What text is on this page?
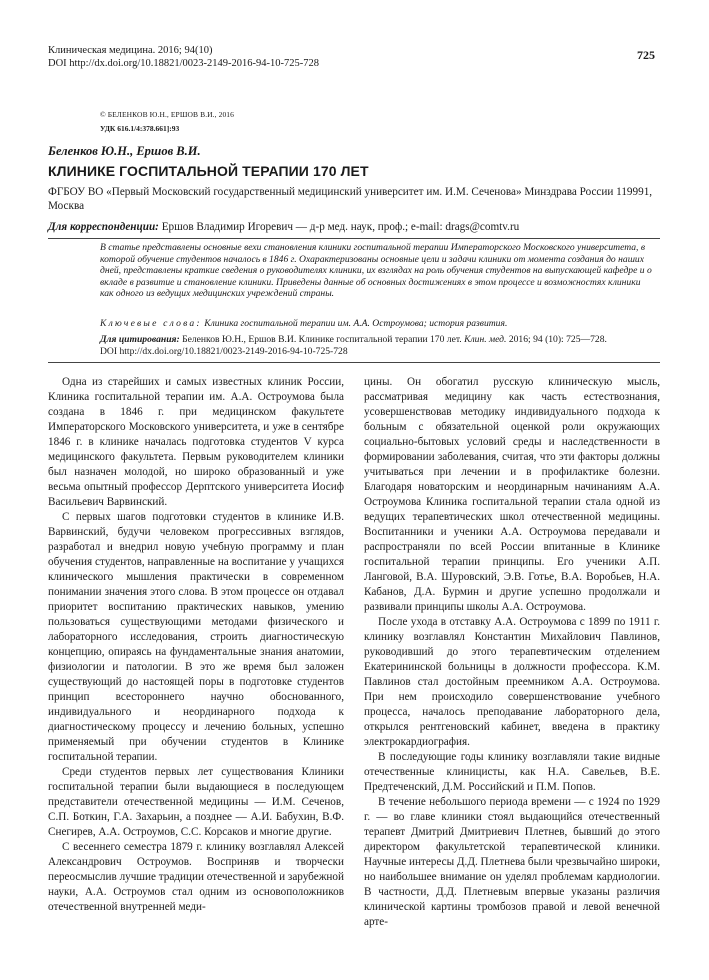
Клиническая медицина. 2016; 94(10)
DOI http://dx.doi.org/10.18821/0023-2149-2016-94-10-725-728
725
© БЕЛЕНКОВ Ю.Н., ЕРШОВ В.И., 2016
УДК 616.1/4:378.661]:93
Беленков Ю.Н., Ершов В.И.
КЛИНИКЕ ГОСПИТАЛЬНОЙ ТЕРАПИИ 170 ЛЕТ
ФГБОУ ВО «Первый Московский государственный медицинский университет им. И.М. Сеченова» Минздрава России 119991, Москва
Для корреспонденции: Ершов Владимир Игоревич — д-р мед. наук, проф.; e-mail: drags@comtv.ru

В статье представлены основные вехи становления клиники госпитальной терапии Императорского Московского университета, в которой обучение студентов началось в 1846 г. Охарактеризованы основные цели и задачи клиники от момента создания до наших дней, представлены краткие сведения о руководителях клиники, их взглядах на роль обучения студентов на выпускающей кафедре и о вкладе в развитие и становление клиники. Приведены данные об основных достижениях в этом процессе и возможностях клиники как одного из ведущих медицинских учреждений страны.

Ключевые слова: Клиника госпитальной терапии им. А.А. Остроумова; история развития.
Для цитирования: Беленков Ю.Н., Ершов В.И. Клинике госпитальной терапии 170 лет. Клин. мед. 2016; 94 (10): 725—728.
DOI http://dx.doi.org/10.18821/0023-2149-2016-94-10-725-728

Одна из старейших и самых известных клиник России, Клиника госпитальной терапии им. А.А. Остроумова была создана в 1846 г. при медицинском факультете Императорского Московского университета, и уже в сентябре 1846 г. в клинике началась подготовка студентов V курса медицинского факультета. Первым руководителем клиники был назначен молодой, но широко образованный и уже весьма опытный профессор Дерптского университета Иосиф Васильевич Варвинский.

С первых шагов подготовки студентов в клинике И.В. Варвинский, будучи человеком прогрессивных взглядов, разработал и внедрил новую учебную программу и план обучения студентов, направленные на воспитание у учащихся клинического мышления практически в современном понимании значения этого слова. В этом процессе он отдавал приоритет воспитанию практических навыков, умению пользоваться существующими методами физического и лабораторного исследования, строить диагностическую концепцию, опираясь на фундаментальные знания анатомии, физиологии и патологии. В это же время был заложен существующий до настоящей поры в подготовке студентов принцип всестороннего научно обоснованного, индивидуального и неординарного подхода к диагностическому процессу и лечению больных, успешно применяемый при обучении студентов в Клинике госпитальной терапии.

Среди студентов первых лет существования Клиники госпитальной терапии были выдающиеся в последующем представители отечественной медицины — И.М. Сеченов, С.П. Боткин, Г.А. Захарьин, а позднее — А.И. Бабухин, В.Ф. Снегирев, А.А. Остроумов, С.С. Корсаков и многие другие.

С весеннего семестра 1879 г. клинику возглавлял Алексей Александрович Остроумов. Восприняв и творчески переосмыслив лучшие традиции отечественной и зарубежной науки, А.А. Остроумов стал одним из основоположников отечественной внутренней меди-

цины. Он обогатил русскую клиническую мысль, рассматривая медицину как часть естествознания, усовершенствовав методику индивидуального подхода к больным с обязательной оценкой роли окружающих социально-бытовых условий среды и наследственности в формировании заболевания, считая, что эти факторы должны учитываться при лечении и в профилактике болезни. Благодаря новаторским и неординарным начинаниям А.А. Остроумова Клиника госпитальной терапии стала одной из ведущих терапевтических школ отечественной медицины. Воспитанники и ученики А.А. Остроумова передавали и распространяли по всей России впитанные в Клинике госпитальной терапии принципы. Его ученики А.П. Ланговой, В.А. Шуровский, Э.В. Готье, В.А. Воробьев, Н.А. Кабанов, Д.А. Бурмин и другие успешно продолжали и развивали принципы школы А.А. Остроумова.

После ухода в отставку А.А. Остроумова с 1899 по 1911 г. клинику возглавлял Константин Михайлович Павлинов, руководивший до этого терапевтическим отделением Екатерининской больницы в должности профессора. К.М. Павлинов стал достойным преемником А.А. Остроумова. При нем происходило совершенствование учебного процесса, началось преподавание лабораторного дела, открылся рентгеновский кабинет, введена в практику электрокардиография.

В последующие годы клинику возглавляли такие видные отечественные клиницисты, как Н.А. Савельев, В.Е. Предтеченский, Д.М. Российский и П.М. Попов.

В течение небольшого периода времени — с 1924 по 1929 г. — во главе клиники стоял выдающийся отечественный терапевт Дмитрий Дмитриевич Плетнев, бывший до этого директором факультетской терапевтической клиники. Научные интересы Д.Д. Плетнева были чрезвычайно широки, но наибольшее внимание он уделял проблемам кардиологии. В частности, Д.Д. Плетневым впервые указаны различия клинической картины тромбозов правой и левой венечной арте-
